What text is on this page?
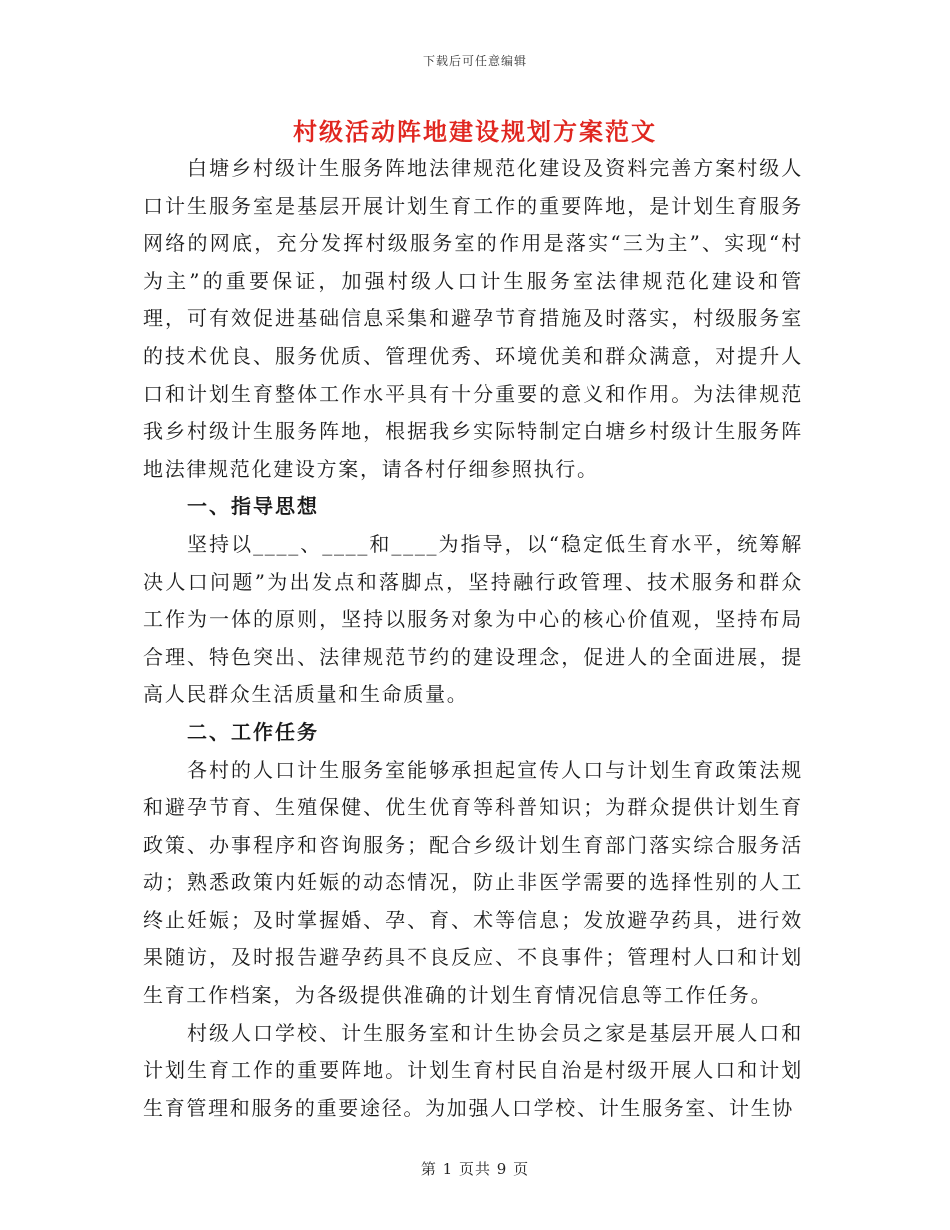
下载后可任意编辑
村级活动阵地建设规划方案范文

白塘乡村级计生服务阵地法律规范化建设及资料完善方案村级人口计生服务室是基层开展计划生育工作的重要阵地，是计划生育服务网络的网底，充分发挥村级服务室的作用是落实“三为主”、实现“村为主”的重要保证，加强村级人口计生服务室法律规范化建设和管理，可有效促进基础信息采集和避孕节育措施及时落实，村级服务室的技术优良、服务优质、管理优秀、环境优美和群众满意，对提升人口和计划生育整体工作水平具有十分重要的意义和作用。为法律规范我乡村级计生服务阵地，根据我乡实际特制定白塘乡村级计生服务阵地法律规范化建设方案，请各村仔细参照执行。

一、指导思想

坚持以____、____和____为指导，以“稳定低生育水平，统筹解决人口问题”为出发点和落脚点，坚持融行政管理、技术服务和群众工作为一体的原则，坚持以服务对象为中心的核心价值观，坚持布局合理、特色突出、法律规范节约的建设理念，促进人的全面进展，提高人民群众生活质量和生命质量。

二、工作任务

各村的人口计生服务室能够承担起宣传人口与计划生育政策法规和避孕节育、生殖保健、优生优育等科普知识；为群众提供计划生育政策、办事程序和咨询服务；配合乡级计划生育部门落实综合服务活动；熟悉政策内妊娠的动态情况，防止非医学需要的选择性别的人工终止妊娠；及时掌握婚、孕、育、术等信息；发放避孕药具，进行效果随访，及时报告避孕药具不良反应、不良事件；管理村人口和计划生育工作档案，为各级提供准确的计划生育情况信息等工作任务。

村级人口学校、计生服务室和计生协会员之家是基层开展人口和计划生育工作的重要阵地。计划生育村民自治是村级开展人口和计划生育管理和服务的重要途径。为加强人口学校、计生服务室、计生协

第 1 页共 9 页
